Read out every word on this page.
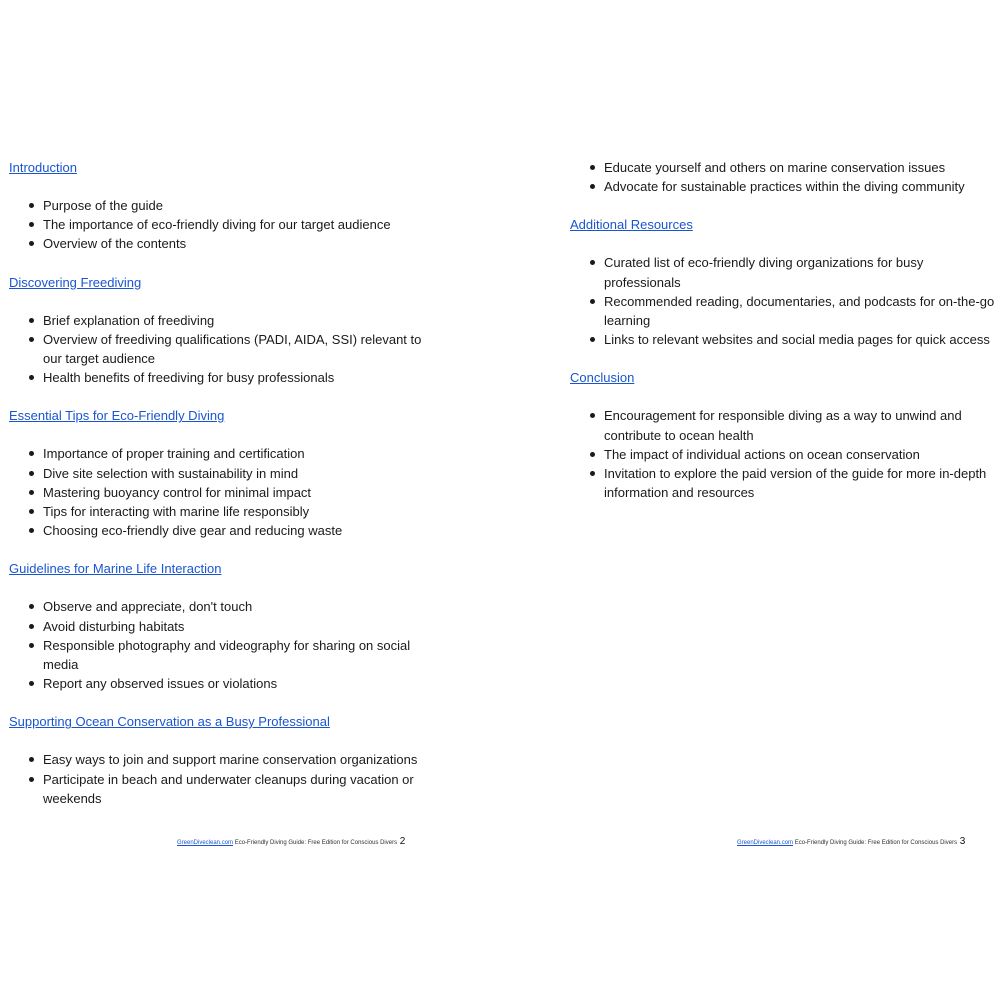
Introduction
Purpose of the guide
The importance of eco-friendly diving for our target audience
Overview of the contents
Discovering Freediving
Brief explanation of freediving
Overview of freediving qualifications (PADI, AIDA, SSI) relevant to our target audience
Health benefits of freediving for busy professionals
Essential Tips for Eco-Friendly Diving
Importance of proper training and certification
Dive site selection with sustainability in mind
Mastering buoyancy control for minimal impact
Tips for interacting with marine life responsibly
Choosing eco-friendly dive gear and reducing waste
Guidelines for Marine Life Interaction
Observe and appreciate, don't touch
Avoid disturbing habitats
Responsible photography and videography for sharing on social media
Report any observed issues or violations
Supporting Ocean Conservation as a Busy Professional
Easy ways to join and support marine conservation organizations
Participate in beach and underwater cleanups during vacation or weekends
GreenDiveclean.com Eco-Friendly Diving Guide: Free Edition for Conscious Divers 2
Educate yourself and others on marine conservation issues
Advocate for sustainable practices within the diving community
Additional Resources
Curated list of eco-friendly diving organizations for busy professionals
Recommended reading, documentaries, and podcasts for on-the-go learning
Links to relevant websites and social media pages for quick access
Conclusion
Encouragement for responsible diving as a way to unwind and contribute to ocean health
The impact of individual actions on ocean conservation
Invitation to explore the paid version of the guide for more in-depth information and resources
GreenDiveclean.com Eco-Friendly Diving Guide: Free Edition for Conscious Divers 3
